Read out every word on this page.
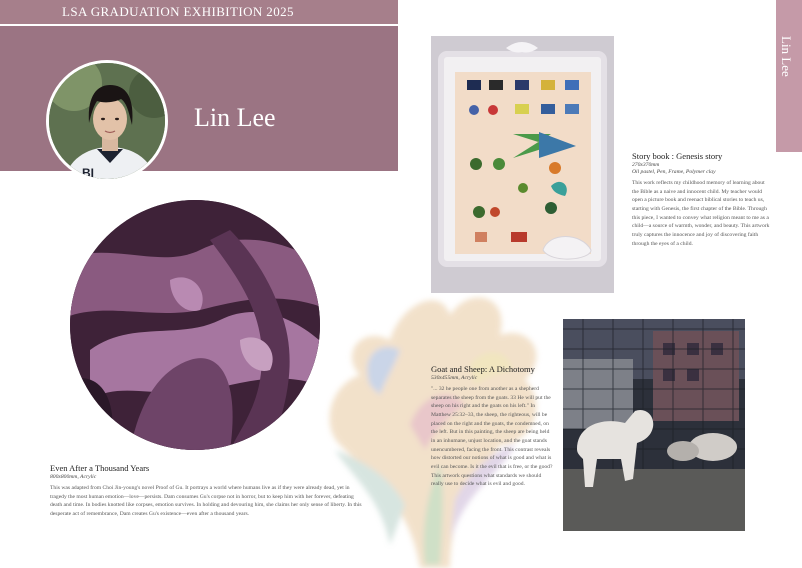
LSA GRADUATION EXHIBITION 2025
BI
Lin Lee
Lin Lee
Story book : Genesis story
270x370mm
Oil pastel, Pen, Frame, Polymer clay
This work reflects my childhood memory of learning about the Bible as a naive and innocent child. My teacher would open a picture book and reenact biblical stories to teach us, starting with Genesis, the first chapter of the Bible. Through this piece, I wanted to convey what religion meant to me as a child—a source of warmth, wonder, and beauty. This artwork truly captures the innocence and joy of discovering faith through the eyes of a child.
Goat and Sheep: A Dichotomy
530x455mm, Acrylic
"... 32 he people one from another as a shepherd separates the sheep from the goats. 33 He will put the sheep on his right and the goats on his left." In Matthew 25:32–33, the sheep, the righteous, will be placed on the right and the goats, the condemned, on the left. But in this painting, the sheep are being held in an inhumane, unjust location, and the goat stands unencumbered, facing the front. This contrast reveals how distorted our notions of what is good and what is evil can become. Is it the evil that is free, or the good? This artwork questions what standards we should really use to decide what is evil and good.
Even After a Thousand Years
800x800mm, Acrylic
This was adapted from Choi Jin-young's novel Proof of Gu. It portrays a world where humans live as if they were already dead, yet in tragedy the most human emotion—love—persists. Dam consumes Gu's corpse not in horror, but to keep him with her forever, defeating death and time. In bodies knotted like corpses, emotion survives. In holding and devouring him, she claims her only sense of liberty. In this desperate act of remembrance, Dam creates Gu's existence—even after a thousand years.
